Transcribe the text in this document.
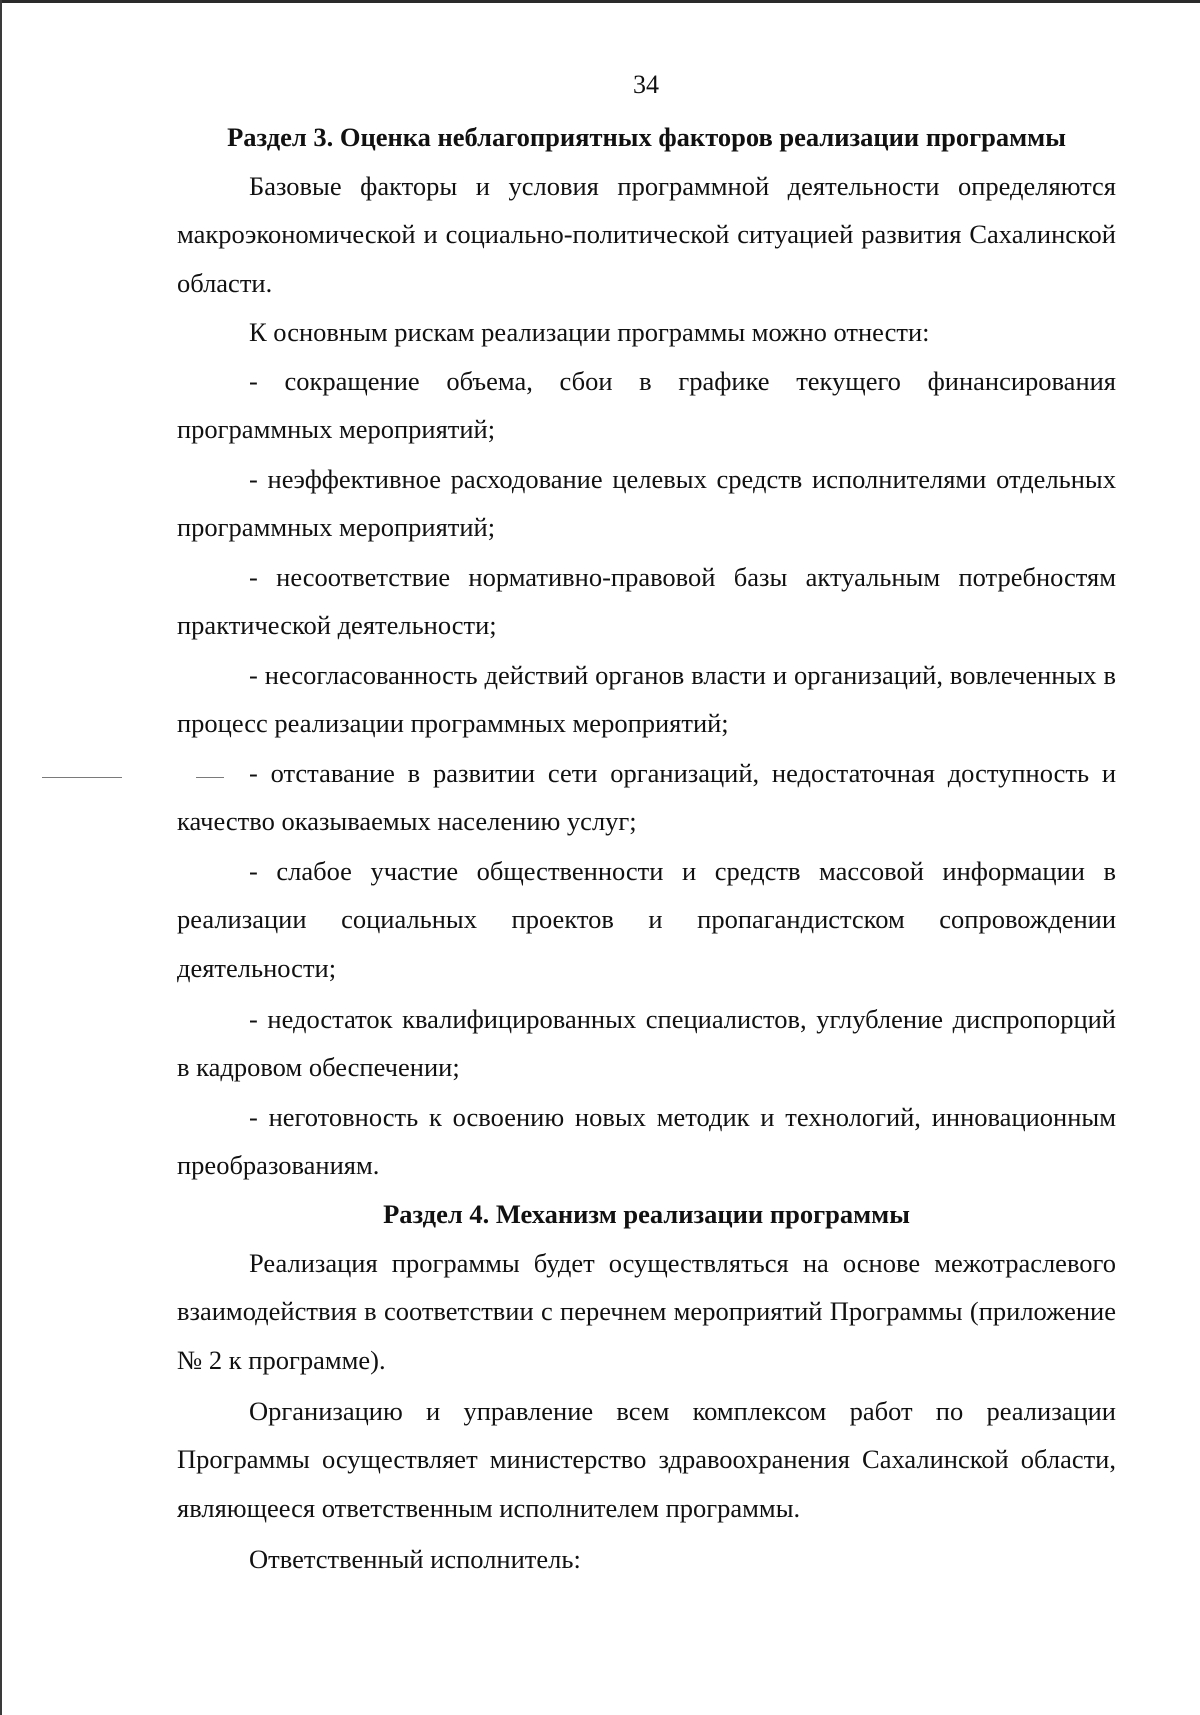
34
Раздел 3. Оценка неблагоприятных факторов реализации программы

Базовые факторы и условия программной деятельности определяются макроэкономической и социально-политической ситуацией развития Сахалинской области.

К основным рискам реализации программы можно отнести:

- сокращение объема, сбои в графике текущего финансирования программных мероприятий;

- неэффективное расходование целевых средств исполнителями отдельных программных мероприятий;

- несоответствие нормативно-правовой базы актуальным потребностям практической деятельности;

- несогласованность действий органов власти и организаций, вовлеченных в процесс реализации программных мероприятий;

- отставание в развитии сети организаций, недостаточная доступность и качество оказываемых населению услуг;

- слабое участие общественности и средств массовой информации в реализации социальных проектов и пропагандистском сопровождении деятельности;

- недостаток квалифицированных специалистов, углубление диспропорций в кадровом обеспечении;

- неготовность к освоению новых методик и технологий, инновационным преобразованиям.

Раздел 4. Механизм реализации программы

Реализация программы будет осуществляться на основе межотраслевого взаимодействия в соответствии с перечнем мероприятий Программы (приложение № 2 к программе).

Организацию и управление всем комплексом работ по реализации Программы осуществляет министерство здравоохранения Сахалинской области, являющееся ответственным исполнителем программы.

Ответственный исполнитель:
